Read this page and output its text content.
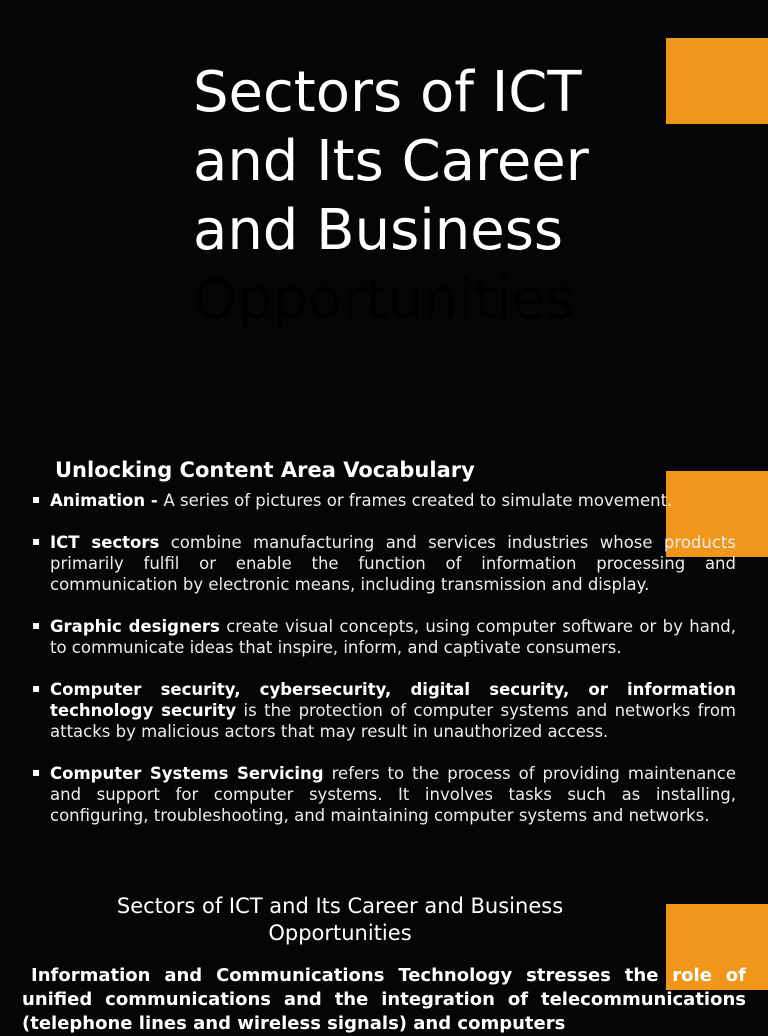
Sectors of ICT
and Its Career
and Business
Opportunities
Unlocking Content Area Vocabulary
▪ Animation - A series of pictures or frames created to simulate movement.
▪ ICT sectors combine manufacturing and services industries whose products primarily fulfil or enable the function of information processing and communication by electronic means, including transmission and display.
▪ Graphic designers create visual concepts, using computer software or by hand, to communicate ideas that inspire, inform, and captivate consumers.
▪ Computer security, cybersecurity, digital security, or information technology security is the protection of computer systems and networks from attacks by malicious actors that may result in unauthorized access.
▪ Computer Systems Servicing refers to the process of providing maintenance and support for computer systems. It involves tasks such as installing, configuring, troubleshooting, and maintaining computer systems and networks.
Sectors of ICT and Its Career and Business Opportunities

Information and Communications Technology stresses the role of unified communications and the integration of telecommunications (telephone lines and wireless signals) and computers
